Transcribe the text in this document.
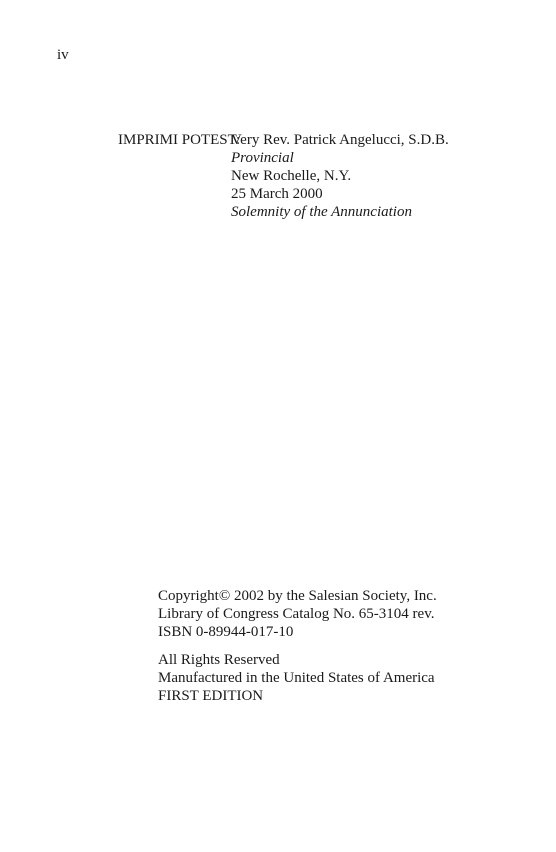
iv
IMPRIMI POTEST:
Very Rev. Patrick Angelucci, S.D.B.
Provincial
New Rochelle, N.Y.
25 March 2000
Solemnity of the Annunciation
Copyright© 2002 by the Salesian Society, Inc.
Library of Congress Catalog No. 65-3104 rev.
ISBN 0-89944-017-10
All Rights Reserved
Manufactured in the United States of America
FIRST EDITION
